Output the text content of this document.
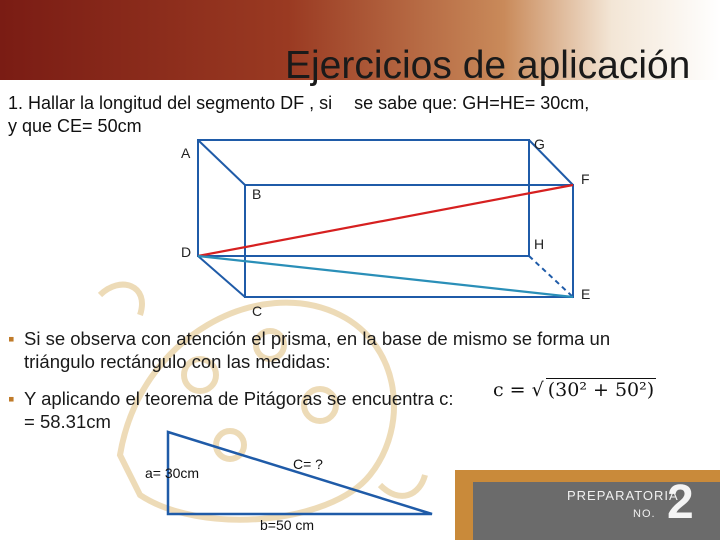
Ejercicios de aplicación
1. Hallar la longitud del segmento DF , si se sabe que: GH=HE= 30cm,
y que CE= 50cm
A
B
G
F
D	H
E
C
▪ Si se observa con atención el prisma, en la base de mismo se forma un triángulo rectángulo con las medidas:
▪ Y aplicando el teorema de Pitágoras se encuentra c:
= 58.31cm
c = √ (30² + 50²)
a= 30cm
C= ?
b=50 cm
PREPARATORIA
NO. 2
